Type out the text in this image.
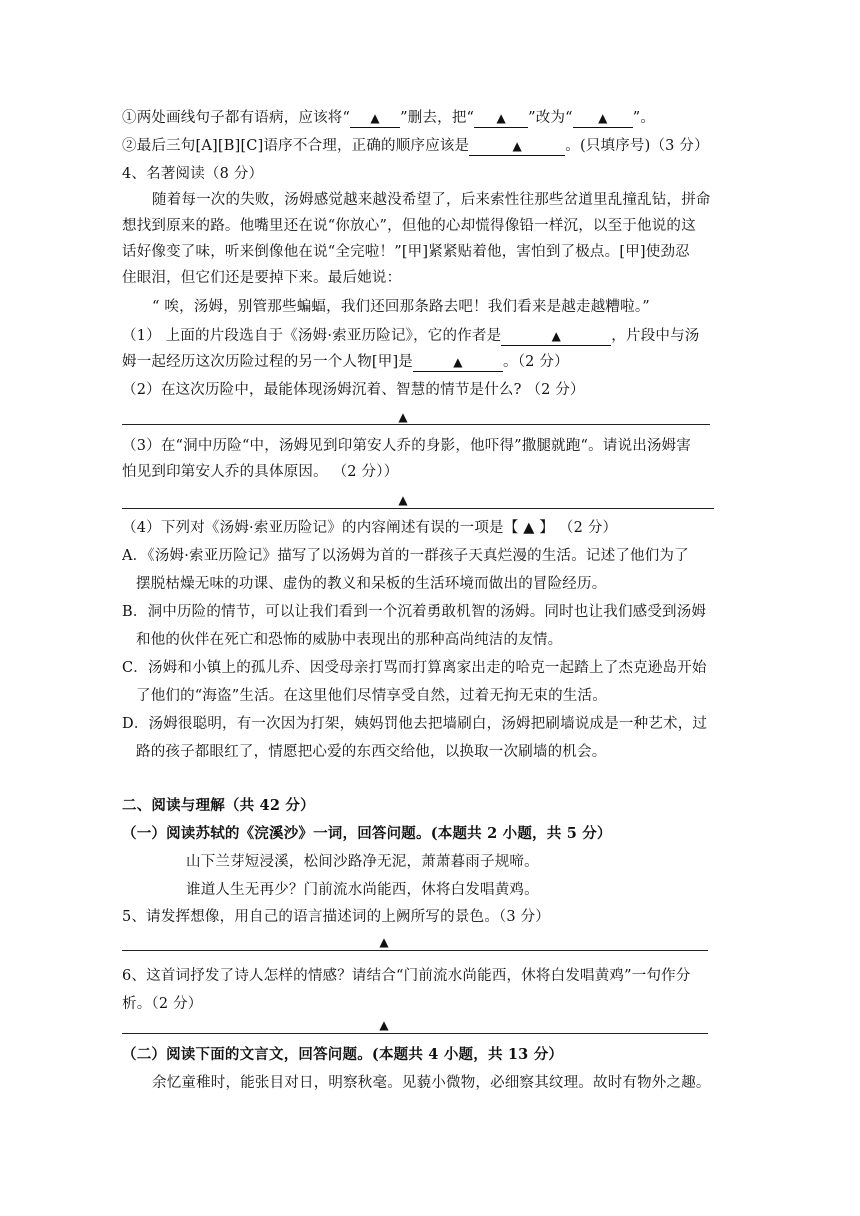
①两处画线句子都有语病，应该将“ ▲ ”删去，把“ ▲ ”改为“ ▲ ”。
②最后三句[A][B][C]语序不合理，正确的顺序应该是	▲	。(只填序号)（3 分）
4、名著阅读（8 分）
随着每一次的失败，汤姆感觉越来越没希望了，后来索性往那些岔道里乱撞乱钻，拼命
想找到原来的路。他嘴里还在说“你放心”，但他的心却慌得像铅一样沉，以至于他说的这
话好像变了味，听来倒像他在说“全完啦！”[甲]紧紧贴着他，害怕到了极点。[甲]使劲忍
住眼泪，但它们还是要掉下来。最后她说：
“ 唉，汤姆，别管那些蝙蝠，我们还回那条路去吧！我们看来是越走越糟啦。”
（1） 上面的片段选自于《汤姆·索亚历险记》，它的作者是	▲	，片段中与汤
姆一起经历这次历险过程的另一个人物[甲]是	▲	。（2 分）
（2）在这次历险中，最能体现汤姆沉着、智慧的情节是什么? （2 分）
▲
（3）在“洞中历险“中，汤姆见到印第安人乔的身影，他吓得”撒腿就跑“。请说出汤姆害
怕见到印第安人乔的具体原因。 （2 分））
▲
（4）下列对《汤姆·索亚历险记》的内容阐述有误的一项是【 ▲ 】 （2 分）
A．《汤姆·索亚历险记》描写了以汤姆为首的一群孩子天真烂漫的生活。记述了他们为了
摆脱枯燥无味的功课、虚伪的教义和呆板的生活环境而做出的冒险经历。
B．洞中历险的情节，可以让我们看到一个沉着勇敢机智的汤姆。同时也让我们感受到汤姆
和他的伙伴在死亡和恐怖的威胁中表现出的那种高尚纯洁的友情。
C．汤姆和小镇上的孤儿乔、因受母亲打骂而打算离家出走的哈克一起踏上了杰克逊岛开始
了他们的“海盗”生活。在这里他们尽情享受自然，过着无拘无束的生活。
D．汤姆很聪明，有一次因为打架，姨妈罚他去把墙刷白，汤姆把刷墙说成是一种艺术，过
路的孩子都眼红了，情愿把心爱的东西交给他，以换取一次刷墙的机会。
二、阅读与理解（共 42 分）
（一）阅读苏轼的《浣溪沙》一词，回答问题。(本题共 2 小题，共 5 分）
山下兰芽短浸溪，松间沙路净无泥，萧萧暮雨子规啼。
谁道人生无再少？门前流水尚能西，休将白发唱黄鸡。
5、请发挥想像，用自己的语言描述词的上阙所写的景色。（3 分）
▲
6、这首词抒发了诗人怎样的情感？请结合“门前流水尚能西，休将白发唱黄鸡”一句作分
析。（2 分）
▲
（二）阅读下面的文言文，回答问题。(本题共 4 小题，共 13 分）
余忆童稚时，能张目对日，明察秋毫。见藐小微物，必细察其纹理。故时有物外之趣。
